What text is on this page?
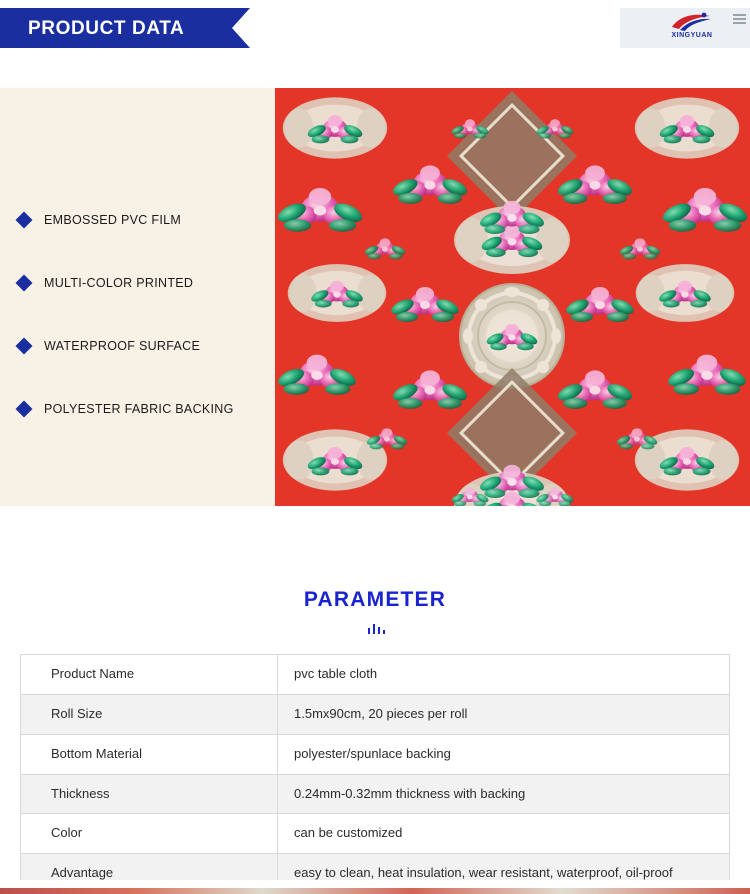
PRODUCT DATA	XINGYUAN
EMBOSSED PVC FILM
MULTI-COLOR PRINTED
WATERPROOF SURFACE
POLYESTER FABRIC BACKING
PARAMETER
Product Name	pvc table cloth
Roll Size	1.5mx90cm, 20 pieces per roll
Bottom Material	polyester/spunlace backing
Thickness	0.24mm-0.32mm thickness with backing
Color	can be customized
Advantage	easy to clean, heat insulation, wear resistant, waterproof, oil-proof
